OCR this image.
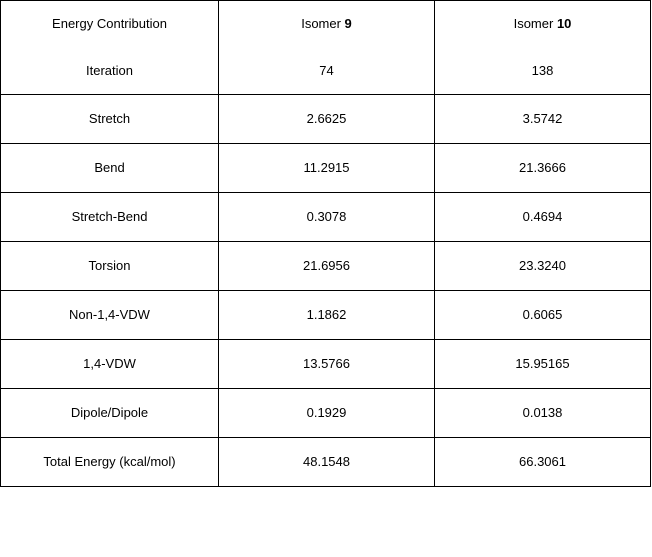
Energy Contribution	Isomer 9	Isomer 10
Iteration	74	138
Stretch	2.6625	3.5742
Bend	11.2915	21.3666
Stretch-Bend	0.3078	0.4694
Torsion	21.6956	23.3240
Non-1,4-VDW	1.1862	0.6065
1,4-VDW	13.5766	15.95165
Dipole/Dipole	0.1929	0.0138
Total Energy (kcal/mol)	48.1548	66.3061
